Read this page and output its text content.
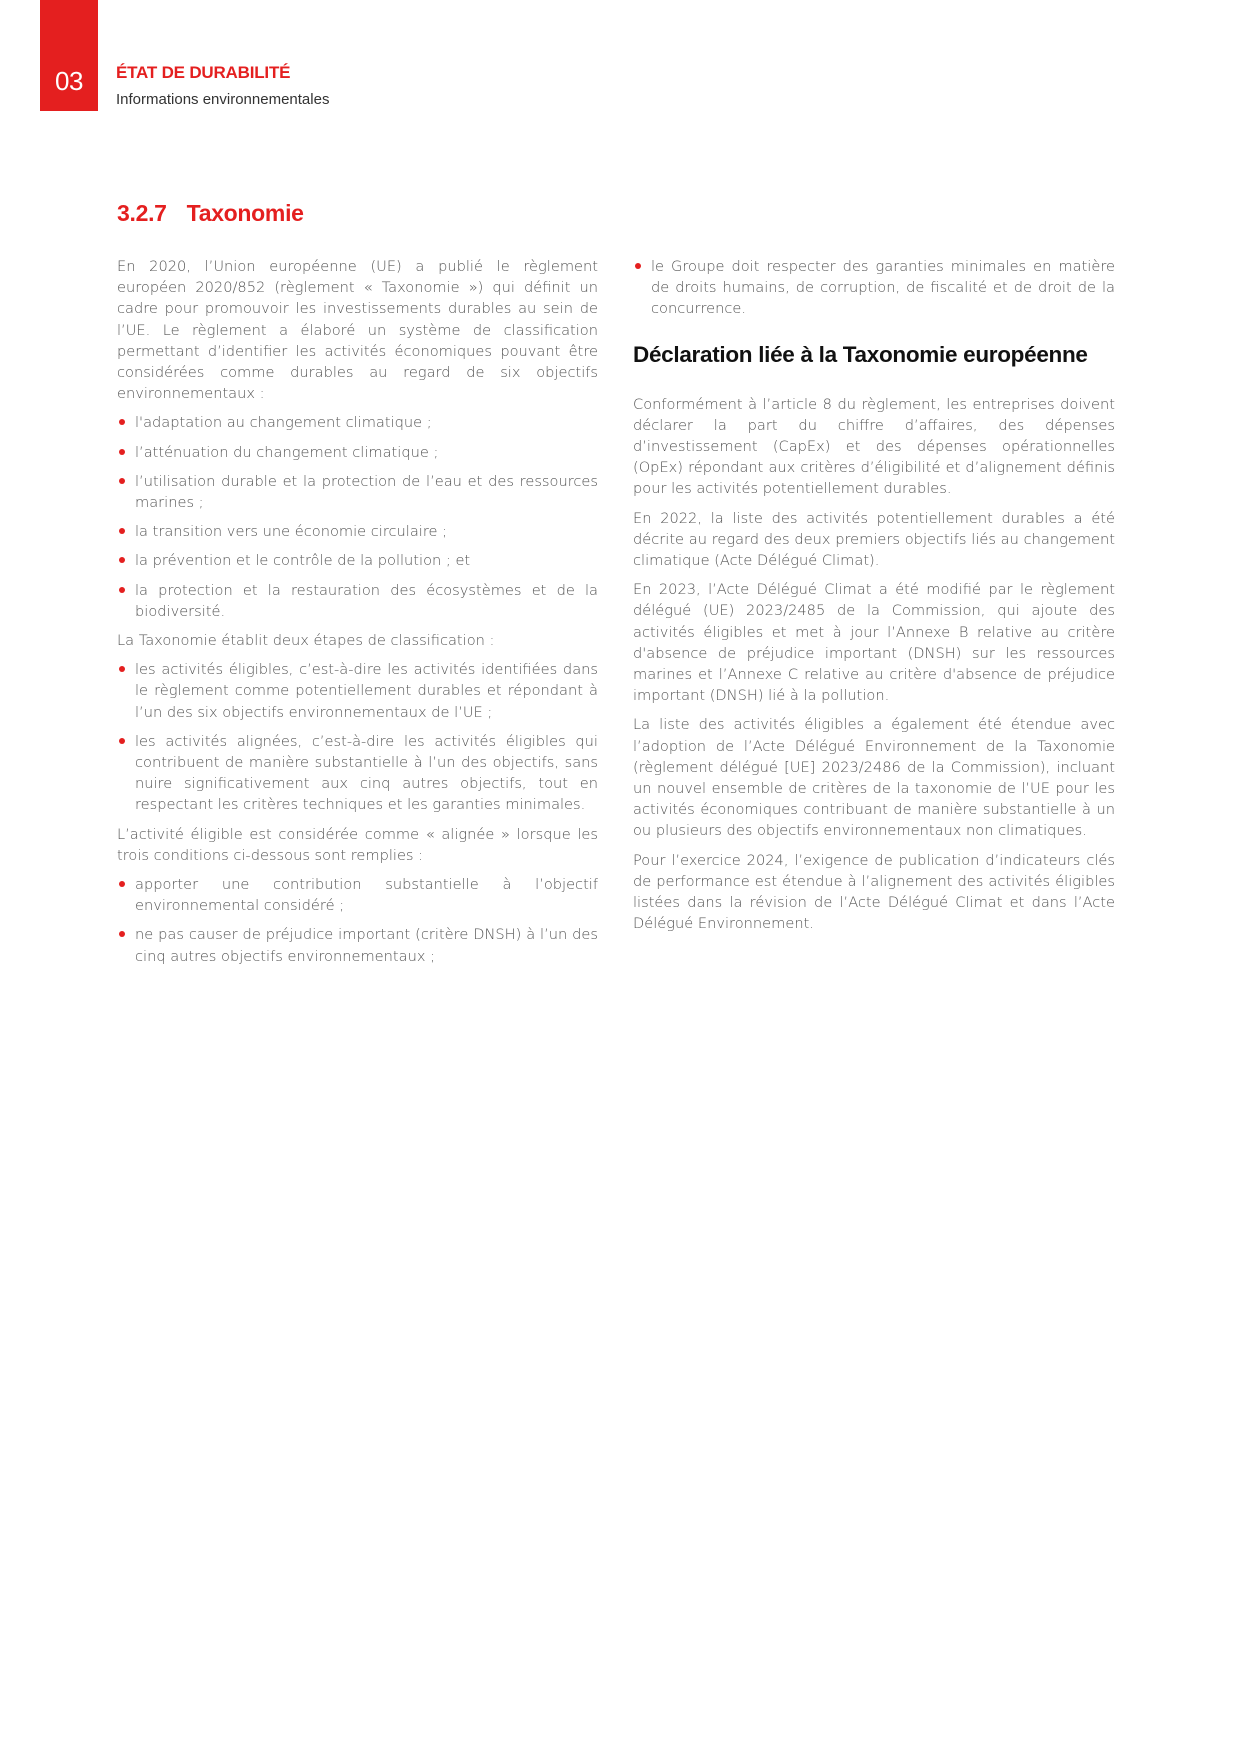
03	ÉTAT DE DURABILITÉ
Informations environnementales
3.2.7 Taxonomie

En 2020, l’Union européenne (UE) a publié le règlement européen 2020/852 (règlement « Taxonomie ») qui définit un cadre pour promouvoir les investissements durables au sein de l’UE. Le règlement a élaboré un système de classification permettant d’identifier les activités économiques pouvant être considérées comme durables au regard de six objectifs environnementaux :

l'adaptation au changement climatique ;
l’atténuation du changement climatique ;
l’utilisation durable et la protection de l’eau et des ressources marines ;
la transition vers une économie circulaire ;
la prévention et le contrôle de la pollution ; et
la protection et la restauration des écosystèmes et de la biodiversité.

La Taxonomie établit deux étapes de classification :

les activités éligibles, c’est-à-dire les activités identifiées dans le règlement comme potentiellement durables et répondant à l’un des six objectifs environnementaux de l’UE ;
les activités alignées, c’est-à-dire les activités éligibles qui contribuent de manière substantielle à l’un des objectifs, sans nuire significativement aux cinq autres objectifs, tout en respectant les critères techniques et les garanties minimales.

L’activité éligible est considérée comme « alignée » lorsque les trois conditions ci-dessous sont remplies :

apporter une contribution substantielle à l’objectif environnemental considéré ;
ne pas causer de préjudice important (critère DNSH) à l’un des cinq autres objectifs environnementaux ;
le Groupe doit respecter des garanties minimales en matière de droits humains, de corruption, de fiscalité et de droit de la concurrence.
Déclaration liée à la Taxonomie européenne

Conformément à l’article 8 du règlement, les entreprises doivent déclarer la part du chiffre d’affaires, des dépenses d’investissement (CapEx) et des dépenses opérationnelles (OpEx) répondant aux critères d’éligibilité et d’alignement définis pour les activités potentiellement durables.

En 2022, la liste des activités potentiellement durables a été décrite au regard des deux premiers objectifs liés au changement climatique (Acte Délégué Climat).

En 2023, l’Acte Délégué Climat a été modifié par le règlement délégué (UE) 2023/2485 de la Commission, qui ajoute des activités éligibles et met à jour l’Annexe B relative au critère d'absence de préjudice important (DNSH) sur les ressources marines et l’Annexe C relative au critère d'absence de préjudice important (DNSH) lié à la pollution.

La liste des activités éligibles a également été étendue avec l’adoption de l’Acte Délégué Environnement de la Taxonomie (règlement délégué [UE] 2023/2486 de la Commission), incluant un nouvel ensemble de critères de la taxonomie de l’UE pour les activités économiques contribuant de manière substantielle à un ou plusieurs des objectifs environnementaux non climatiques.

Pour l’exercice 2024, l’exigence de publication d’indicateurs clés de performance est étendue à l’alignement des activités éligibles listées dans la révision de l’Acte Délégué Climat et dans l’Acte Délégué Environnement.
